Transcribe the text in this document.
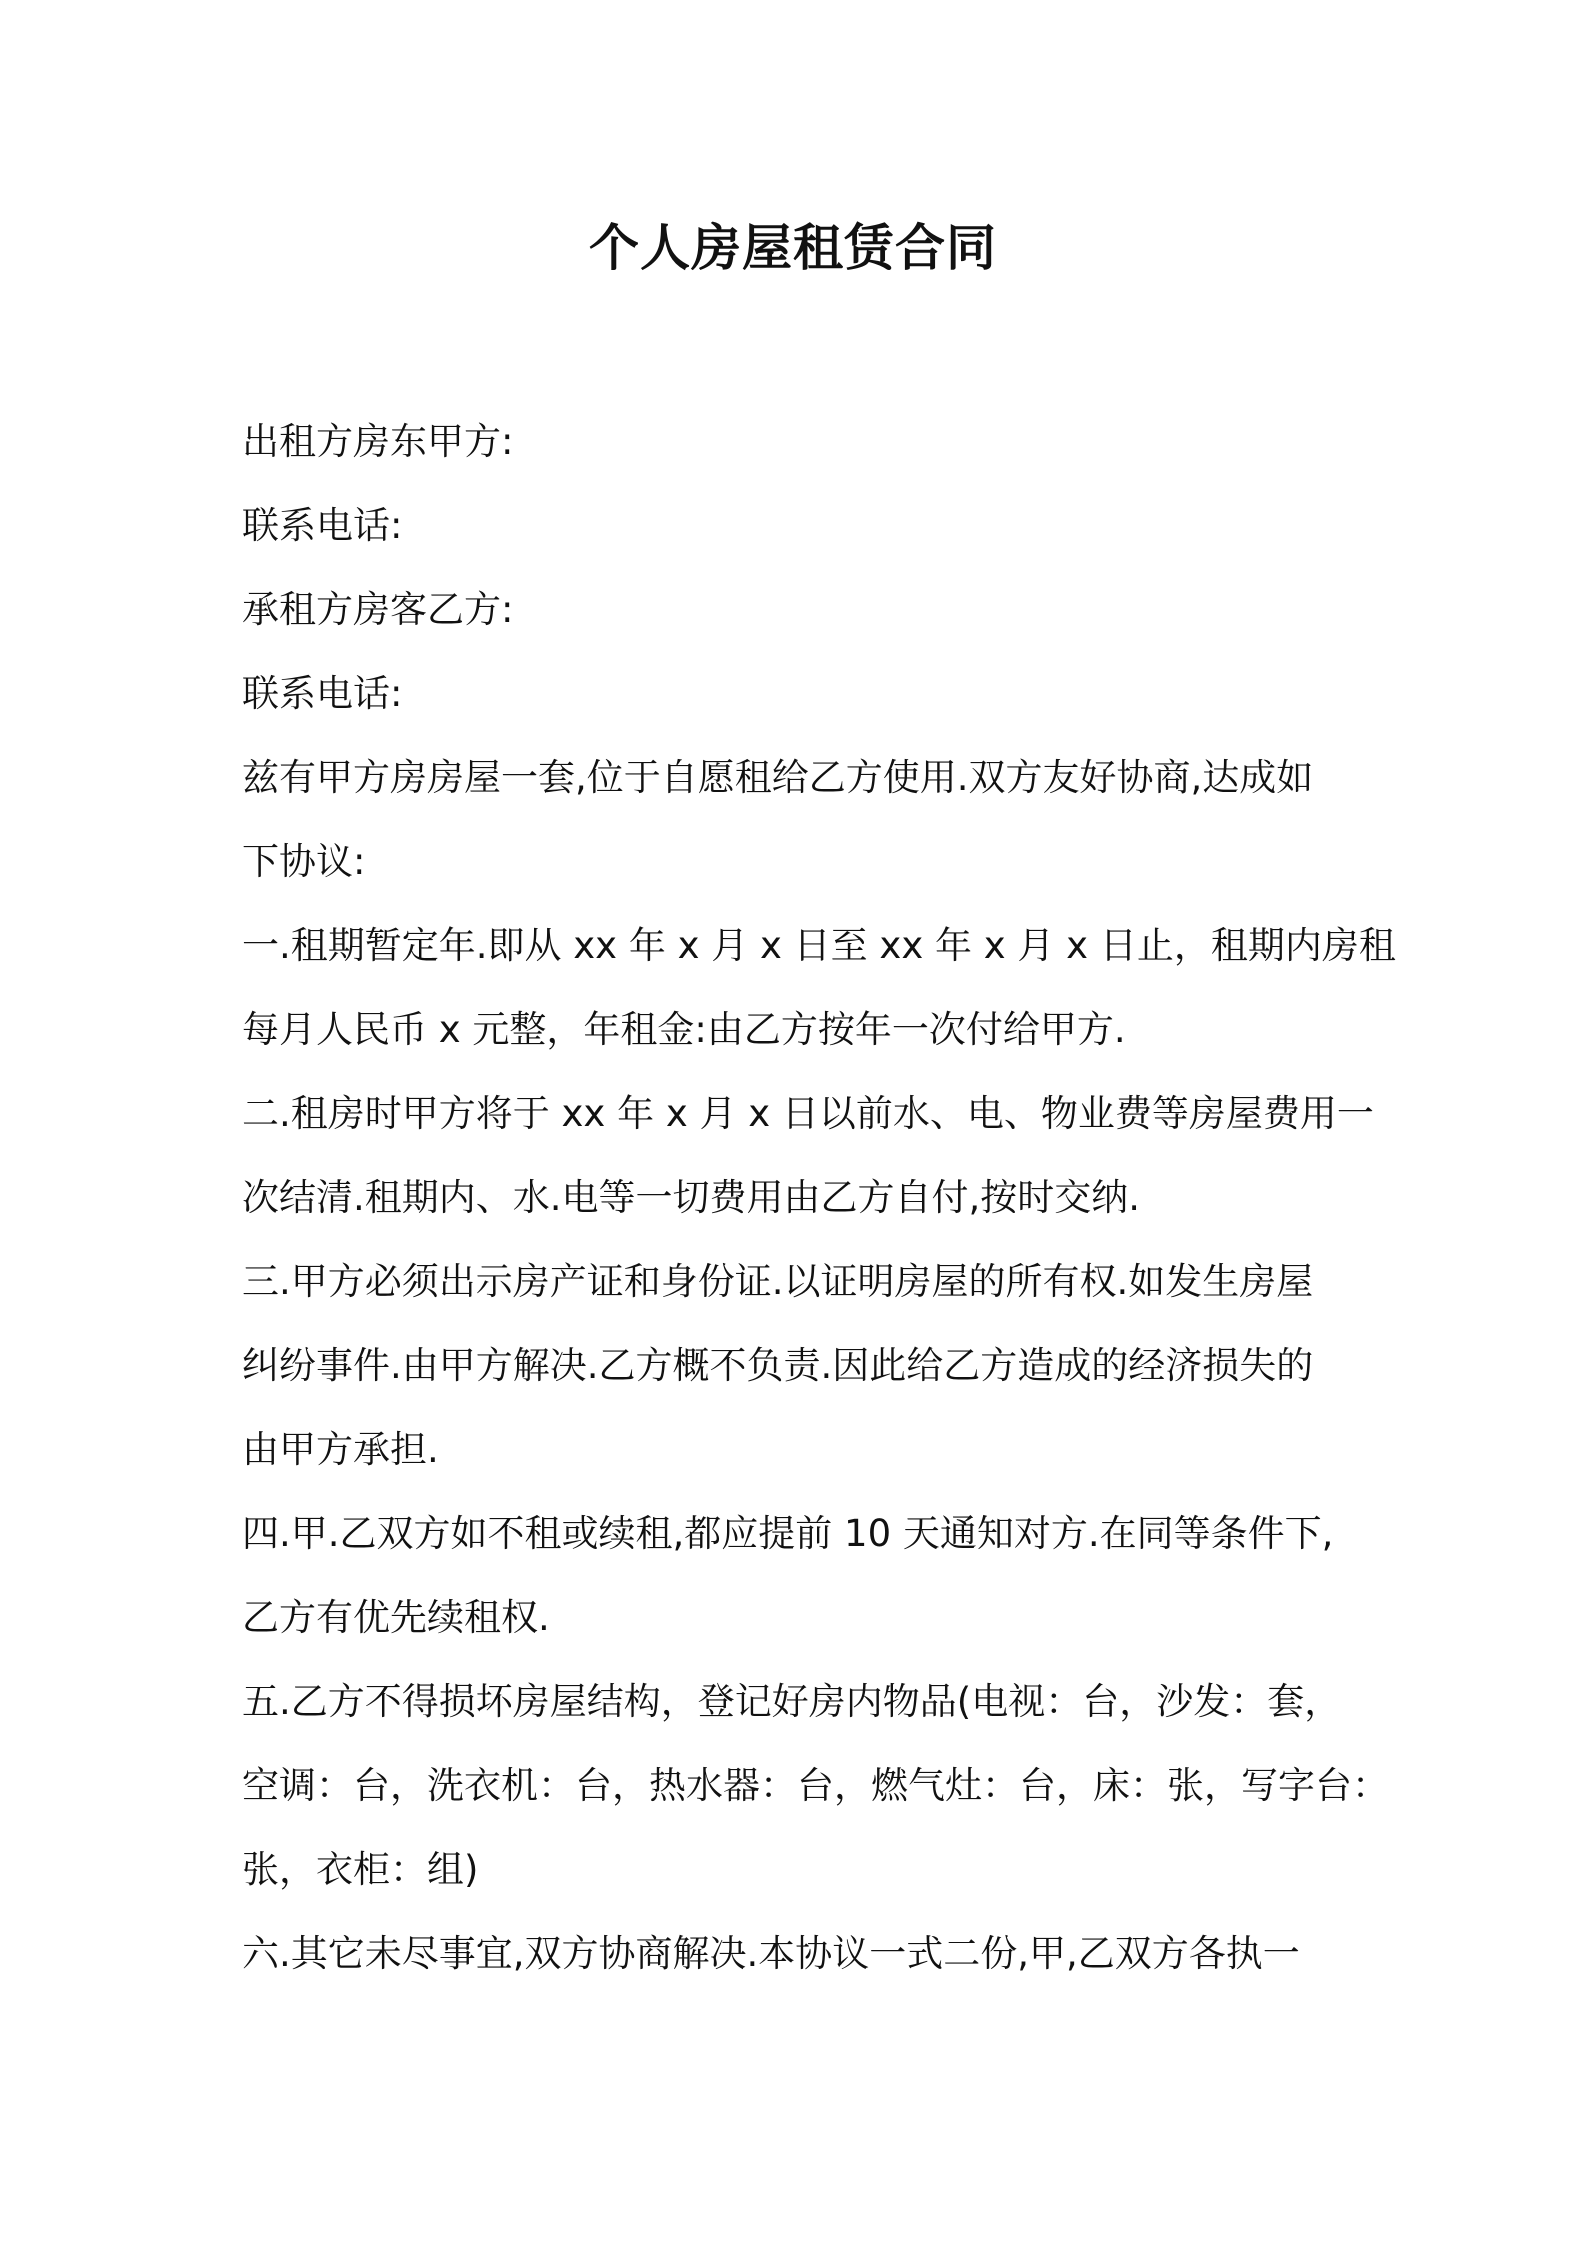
个人房屋租赁合同

出租方房东甲方:

联系电话:

承租方房客乙方:

联系电话:

兹有甲方房房屋一套,位于自愿租给乙方使用.双方友好协商,达成如

下协议:

一.租期暂定年.即从 xx 年 x 月 x 日至 xx 年 x 月 x 日止，租期内房租

每月人民币 x 元整，年租金:由乙方按年一次付给甲方.

二.租房时甲方将于 xx 年 x 月 x 日以前水、电、物业费等房屋费用一

次结清.租期内、水.电等一切费用由乙方自付,按时交纳.

三.甲方必须出示房产证和身份证.以证明房屋的所有权.如发生房屋

纠纷事件.由甲方解决.乙方概不负责.因此给乙方造成的经济损失的

由甲方承担.

四.甲.乙双方如不租或续租,都应提前 10 天通知对方.在同等条件下,

乙方有优先续租权.

五.乙方不得损坏房屋结构，登记好房内物品(电视：台，沙发：套，

空调：台，洗衣机：台，热水器：台，燃气灶：台，床：张，写字台：

张，衣柜：组)

六.其它未尽事宜,双方协商解决.本协议一式二份,甲,乙双方各执一
